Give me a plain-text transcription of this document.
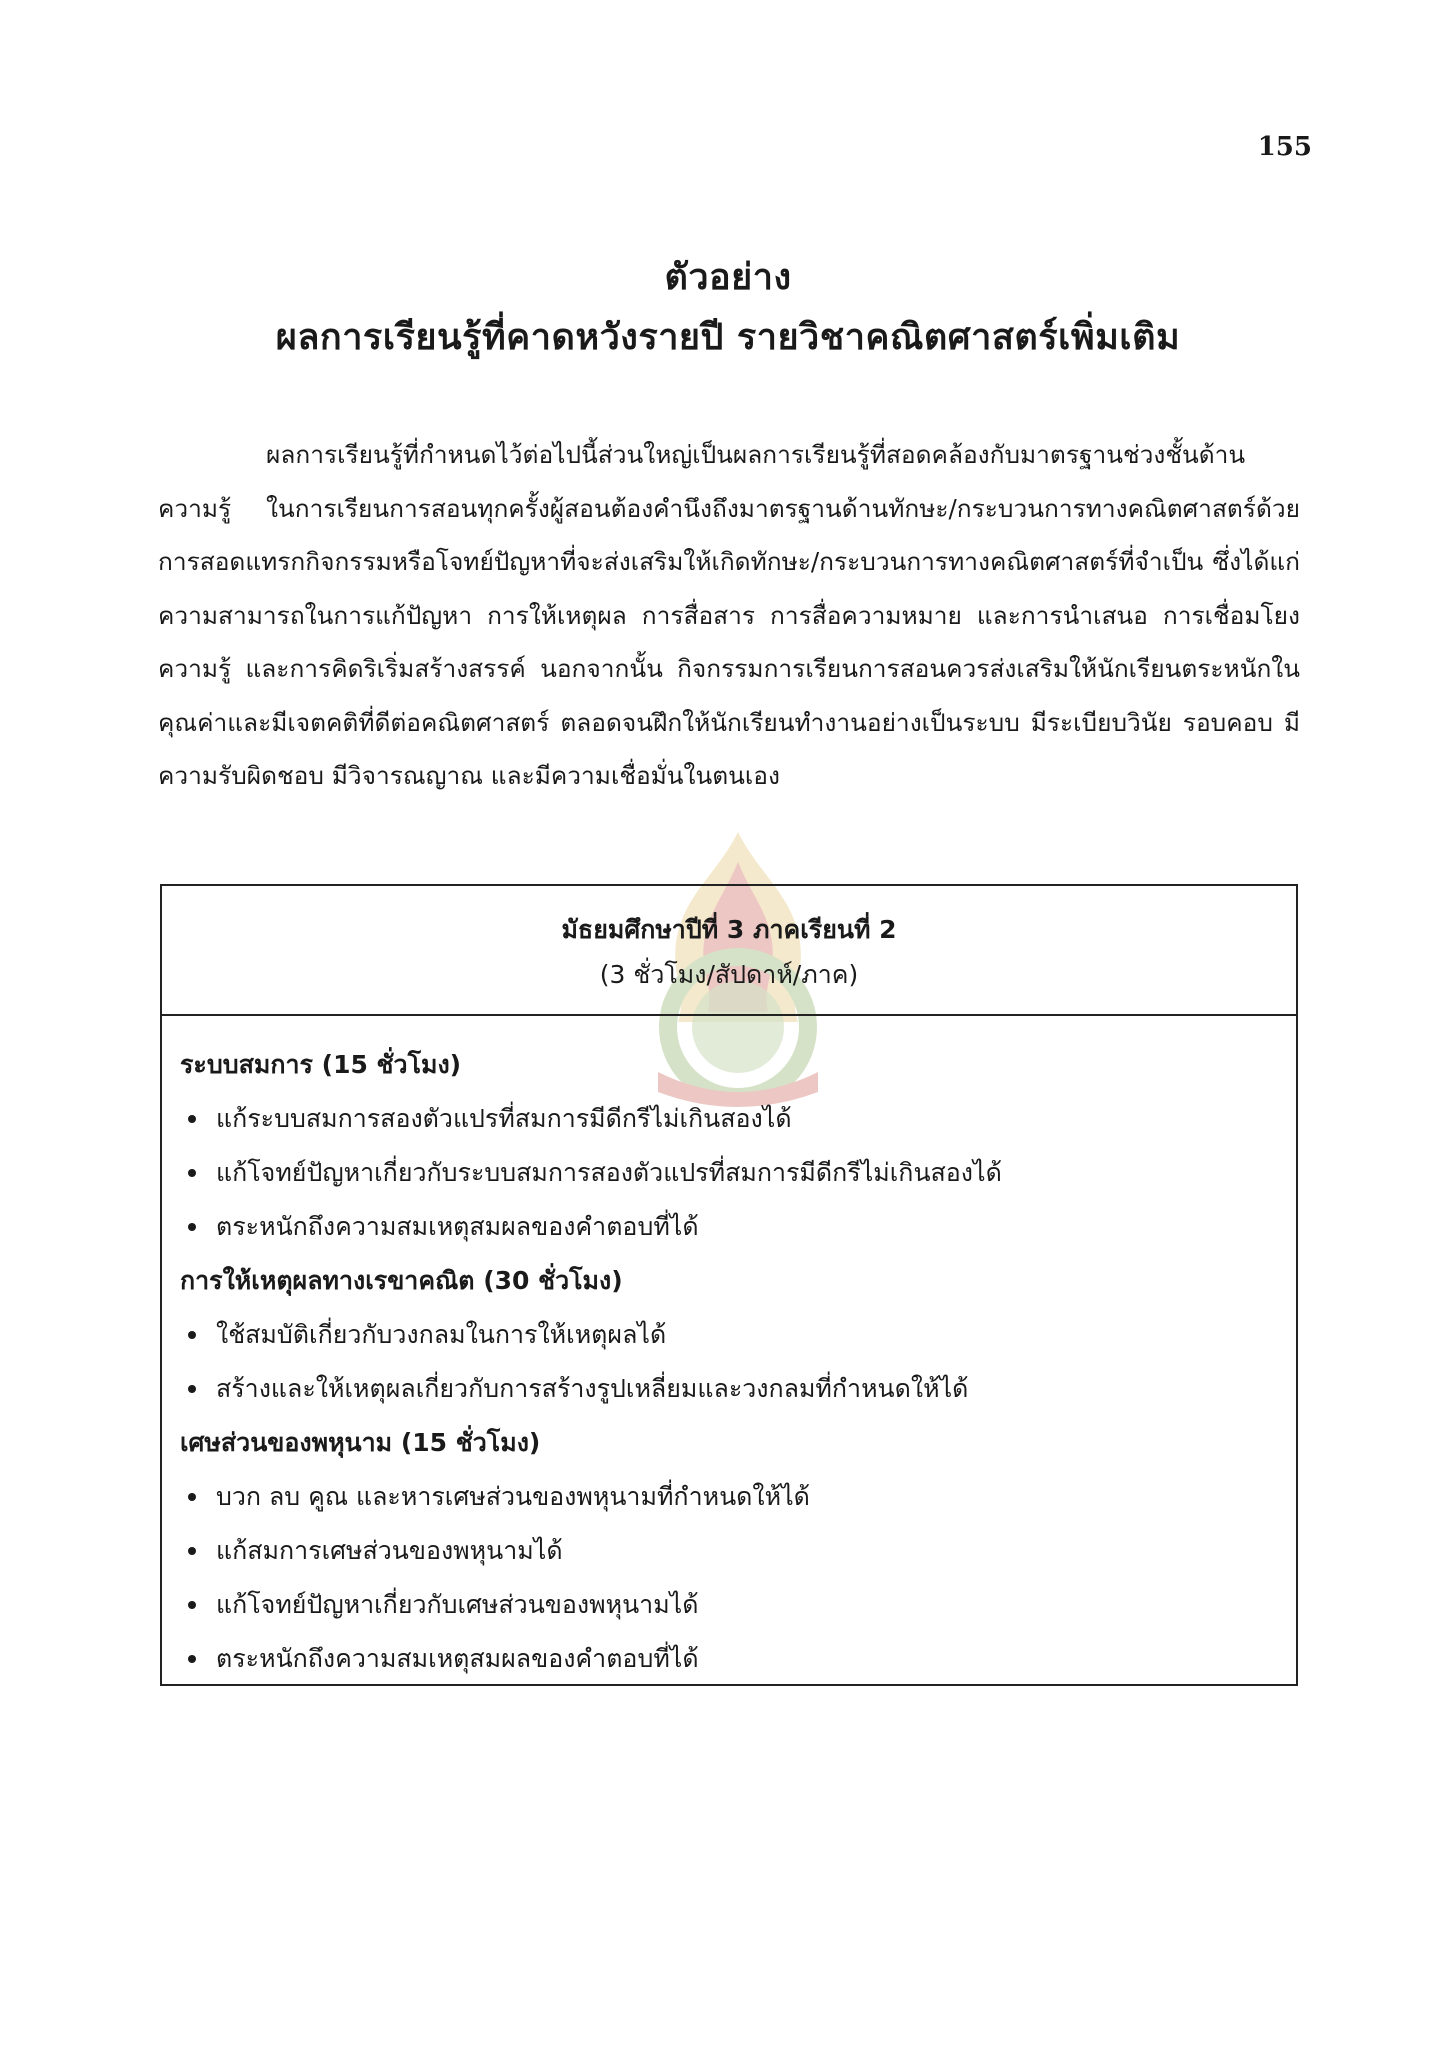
155
ตัวอย่าง
ผลการเรียนรู้ที่คาดหวังรายปี รายวิชาคณิตศาสตร์เพิ่มเติม
ผลการเรียนรู้ที่กำหนดไว้ต่อไปนี้ส่วนใหญ่เป็นผลการเรียนรู้ที่สอดคล้องกับมาตรฐานช่วงชั้นด้านความรู้ ในการเรียนการสอนทุกครั้งผู้สอนต้องคำนึงถึงมาตรฐานด้านทักษะ/กระบวนการทางคณิตศาสตร์ด้วยการสอดแทรกกิจกรรมหรือโจทย์ปัญหาที่จะส่งเสริมให้เกิดทักษะ/กระบวนการทางคณิตศาสตร์ที่จำเป็น ซึ่งได้แก่ ความสามารถในการแก้ปัญหา การให้เหตุผล การสื่อสาร การสื่อความหมาย และการนำเสนอ การเชื่อมโยงความรู้ และการคิดริเริ่มสร้างสรรค์ นอกจากนั้น กิจกรรมการเรียนการสอนควรส่งเสริมให้นักเรียนตระหนักในคุณค่าและมีเจตคติที่ดีต่อคณิตศาสตร์ ตลอดจนฝึกให้นักเรียนทำงานอย่างเป็นระบบ มีระเบียบวินัย รอบคอบ มีความรับผิดชอบ มีวิจารณญาณ และมีความเชื่อมั่นในตนเอง
มัธยมศึกษาปีที่ 3 ภาคเรียนที่ 2
(3 ชั่วโมง/สัปดาห์/ภาค)
ระบบสมการ (15 ชั่วโมง)
แก้ระบบสมการสองตัวแปรที่สมการมีดีกรีไม่เกินสองได้
แก้โจทย์ปัญหาเกี่ยวกับระบบสมการสองตัวแปรที่สมการมีดีกรีไม่เกินสองได้
ตระหนักถึงความสมเหตุสมผลของคำตอบที่ได้
การให้เหตุผลทางเรขาคณิต (30 ชั่วโมง)
ใช้สมบัติเกี่ยวกับวงกลมในการให้เหตุผลได้
สร้างและให้เหตุผลเกี่ยวกับการสร้างรูปเหลี่ยมและวงกลมที่กำหนดให้ได้
เศษส่วนของพหุนาม (15 ชั่วโมง)
บวก ลบ คูณ และหารเศษส่วนของพหุนามที่กำหนดให้ได้
แก้สมการเศษส่วนของพหุนามได้
แก้โจทย์ปัญหาเกี่ยวกับเศษส่วนของพหุนามได้
ตระหนักถึงความสมเหตุสมผลของคำตอบที่ได้
